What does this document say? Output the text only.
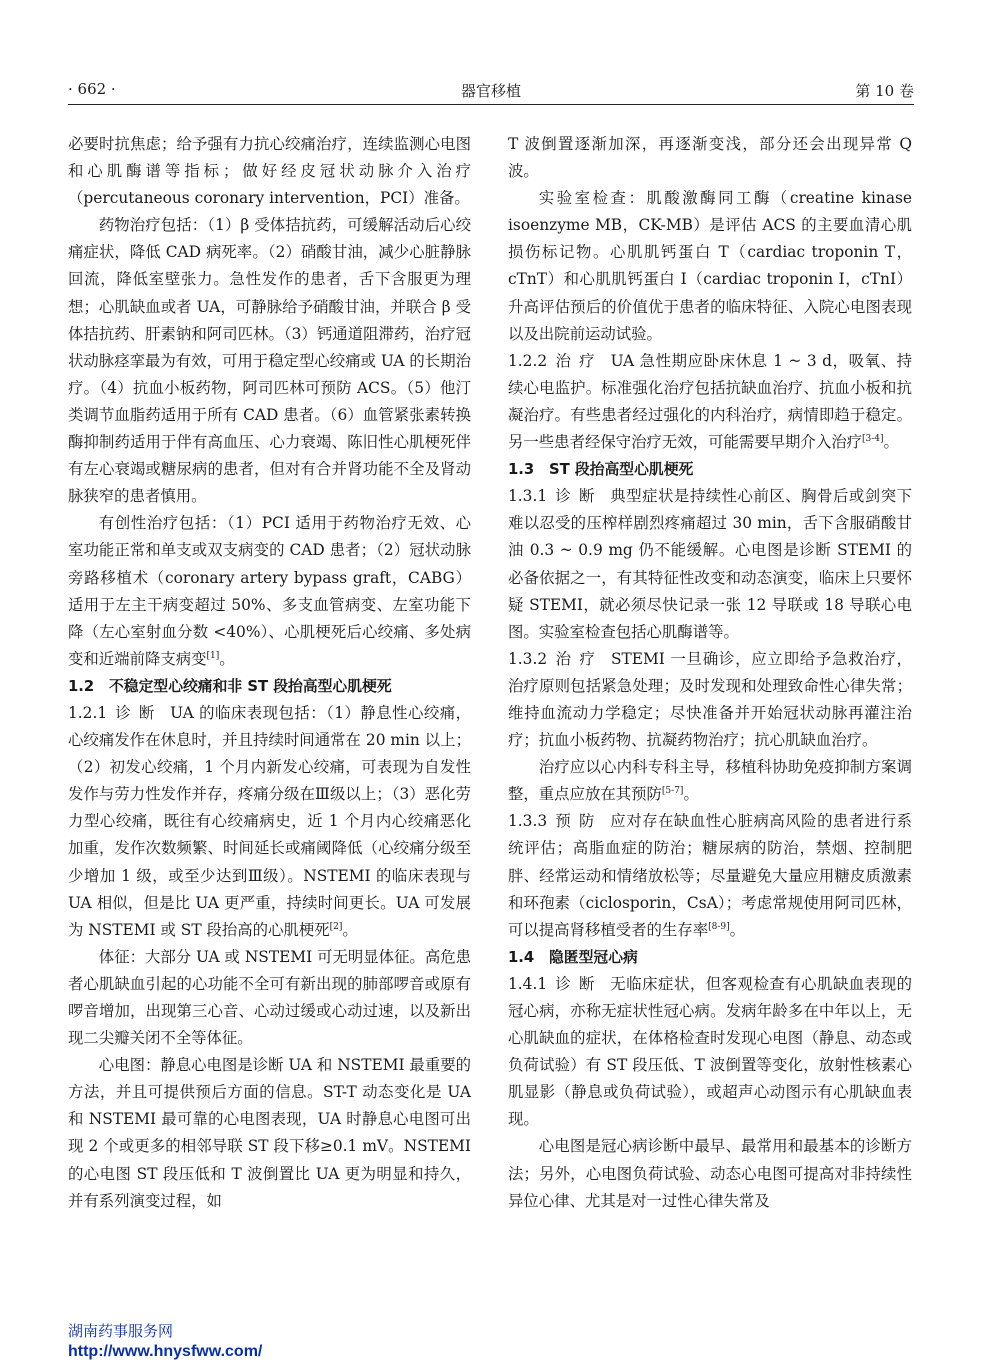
· 662 ·	器官移植	第 10 卷

必要时抗焦虑；给予强有力抗心绞痛治疗，连续监测心电图和心肌酶谱等指标；做好经皮冠状动脉介入治疗（percutaneous coronary intervention，PCI）准备。

药物治疗包括：（1）β 受体拮抗药，可缓解活动后心绞痛症状，降低 CAD 病死率。（2）硝酸甘油，减少心脏静脉回流，降低室壁张力。急性发作的患者，舌下含服更为理想；心肌缺血或者 UA，可静脉给予硝酸甘油，并联合 β 受体拮抗药、肝素钠和阿司匹林。（3）钙通道阻滞药，治疗冠状动脉痉挛最为有效，可用于稳定型心绞痛或 UA 的长期治疗。（4）抗血小板药物，阿司匹林可预防 ACS。（5）他汀类调节血脂药适用于所有 CAD 患者。（6）血管紧张素转换酶抑制药适用于伴有高血压、心力衰竭、陈旧性心肌梗死伴有左心衰竭或糖尿病的患者，但对有合并肾功能不全及肾动脉狭窄的患者慎用。

有创性治疗包括：（1）PCI 适用于药物治疗无效、心室功能正常和单支或双支病变的 CAD 患者；（2）冠状动脉旁路移植术（coronary artery bypass graft，CABG）适用于左主干病变超过 50%、多支血管病变、左室功能下降（左心室射血分数 <40%）、心肌梗死后心绞痛、多处病变和近端前降支病变[1]。

1.2　不稳定型心绞痛和非 ST 段抬高型心肌梗死

1.2.1 诊断 UA 的临床表现包括：（1）静息性心绞痛，心绞痛发作在休息时，并且持续时间通常在 20 min 以上；（2）初发心绞痛，1 个月内新发心绞痛，可表现为自发性发作与劳力性发作并存，疼痛分级在Ⅲ级以上；（3）恶化劳力型心绞痛，既往有心绞痛病史，近 1 个月内心绞痛恶化加重，发作次数频繁、时间延长或痛阈降低（心绞痛分级至少增加 1 级，或至少达到Ⅲ级）。NSTEMI 的临床表现与 UA 相似，但是比 UA 更严重，持续时间更长。UA 可发展为 NSTEMI 或 ST 段抬高的心肌梗死[2]。

体征：大部分 UA 或 NSTEMI 可无明显体征。高危患者心肌缺血引起的心功能不全可有新出现的肺部啰音或原有啰音增加，出现第三心音、心动过缓或心动过速，以及新出现二尖瓣关闭不全等体征。

心电图：静息心电图是诊断 UA 和 NSTEMI 最重要的方法，并且可提供预后方面的信息。ST-T 动态变化是 UA 和 NSTEMI 最可靠的心电图表现，UA 时静息心电图可出现 2 个或更多的相邻导联 ST 段下移≥0.1 mV。NSTEMI 的心电图 ST 段压低和 T 波倒置比 UA 更为明显和持久，并有系列演变过程，如

T 波倒置逐渐加深，再逐渐变浅，部分还会出现异常 Q 波。

实验室检查：肌酸激酶同工酶（creatine kinase isoenzyme MB，CK-MB）是评估 ACS 的主要血清心肌损伤标记物。心肌肌钙蛋白 T（cardiac troponin T，cTnT）和心肌肌钙蛋白 I（cardiac troponin I，cTnI）升高评估预后的价值优于患者的临床特征、入院心电图表现以及出院前运动试验。

1.2.2 治疗 UA 急性期应卧床休息 1 ~ 3 d，吸氧、持续心电监护。标准强化治疗包括抗缺血治疗、抗血小板和抗凝治疗。有些患者经过强化的内科治疗，病情即趋于稳定。另一些患者经保守治疗无效，可能需要早期介入治疗[3-4]。

1.3　ST 段抬高型心肌梗死

1.3.1 诊断 典型症状是持续性心前区、胸骨后或剑突下难以忍受的压榨样剧烈疼痛超过 30 min，舌下含服硝酸甘油 0.3 ~ 0.9 mg 仍不能缓解。心电图是诊断 STEMI 的必备依据之一，有其特征性改变和动态演变，临床上只要怀疑 STEMI，就必须尽快记录一张 12 导联或 18 导联心电图。实验室检查包括心肌酶谱等。

1.3.2 治疗 STEMI 一旦确诊，应立即给予急救治疗，治疗原则包括紧急处理；及时发现和处理致命性心律失常；维持血流动力学稳定；尽快准备并开始冠状动脉再灌注治疗；抗血小板药物、抗凝药物治疗；抗心肌缺血治疗。

治疗应以心内科专科主导，移植科协助免疫抑制方案调整，重点应放在其预防[5-7]。

1.3.3 预防 应对存在缺血性心脏病高风险的患者进行系统评估；高脂血症的防治；糖尿病的防治，禁烟、控制肥胖、经常运动和情绪放松等；尽量避免大量应用糖皮质激素和环孢素（ciclosporin，CsA）；考虑常规使用阿司匹林，可以提高肾移植受者的生存率[8-9]。

1.4　隐匿型冠心病

1.4.1 诊断 无临床症状，但客观检查有心肌缺血表现的冠心病，亦称无症状性冠心病。发病年龄多在中年以上，无心肌缺血的症状，在体格检查时发现心电图（静息、动态或负荷试验）有 ST 段压低、T 波倒置等变化，放射性核素心肌显影（静息或负荷试验），或超声心动图示有心肌缺血表现。

心电图是冠心病诊断中最早、最常用和最基本的诊断方法；另外，心电图负荷试验、动态心电图可提高对非持续性异位心律、尤其是对一过性心律失常及

湖南药事服务网
http://www.hnysfww.com/
